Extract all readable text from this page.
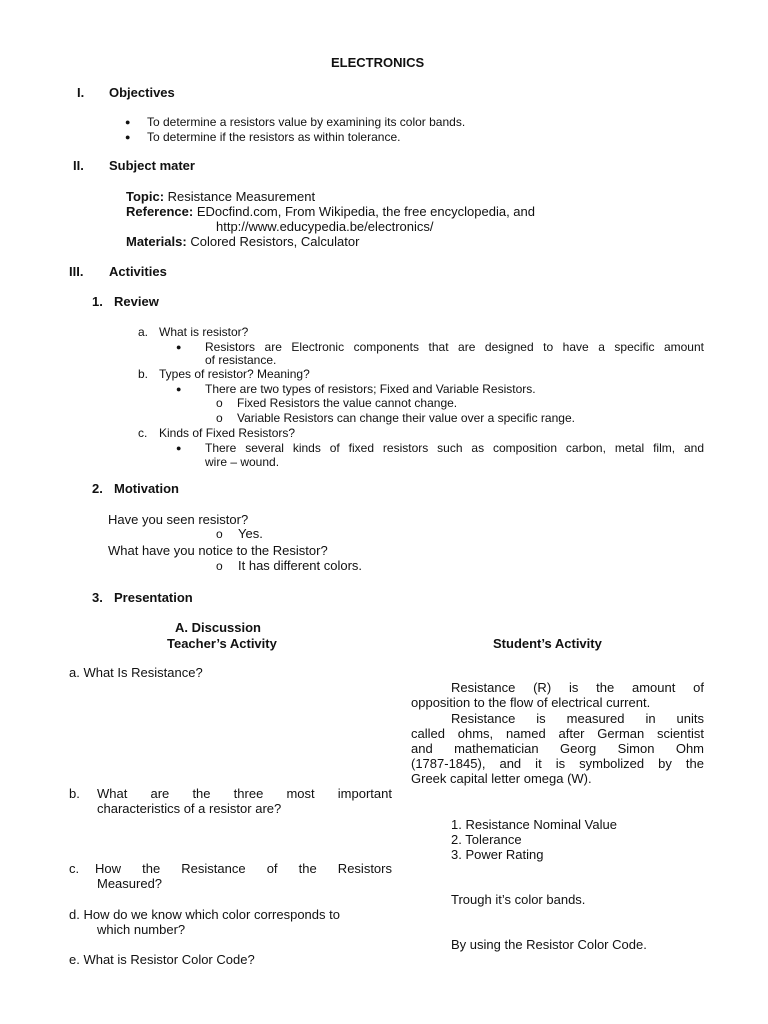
ELECTRONICS
I. Objectives
● To determine a resistors value by examining its color bands.
● To determine if the resistors as within tolerance.
II. Subject mater
Topic: Resistance Measurement
Reference: EDocfind.com, From Wikipedia, the free encyclopedia, and
http://www.educypedia.be/electronics/
Materials: Colored Resistors, Calculator
III. Activities
1. Review
a. What is resistor?
● Resistors are Electronic components that are designed to have a specific amount
of resistance.
b. Types of resistor? Meaning?
● There are two types of resistors; Fixed and Variable Resistors.
o Fixed Resistors the value cannot change.
o Variable Resistors can change their value over a specific range.
c. Kinds of Fixed Resistors?
● There several kinds of fixed resistors such as composition carbon, metal film, and
wire – wound.
2. Motivation
Have you seen resistor?
o Yes.
What have you notice to the Resistor?
o It has different colors.
3. Presentation
A. Discussion
Teacher’s Activity	Student’s Activity
a. What Is Resistance?
b. What are the three most important
characteristics of a resistor are?
c. How the Resistance of the Resistors
Measured?
d. How do we know which color corresponds to
which number?
e. What is Resistor Color Code?
Resistance (R) is the amount of
opposition to the flow of electrical current.
Resistance is measured in units
called ohms, named after German scientist
and mathematician Georg Simon Ohm
(1787-1845), and it is symbolized by the
Greek capital letter omega (W).
1. Resistance Nominal Value
2. Tolerance
3. Power Rating
Trough it’s color bands.
By using the Resistor Color Code.
